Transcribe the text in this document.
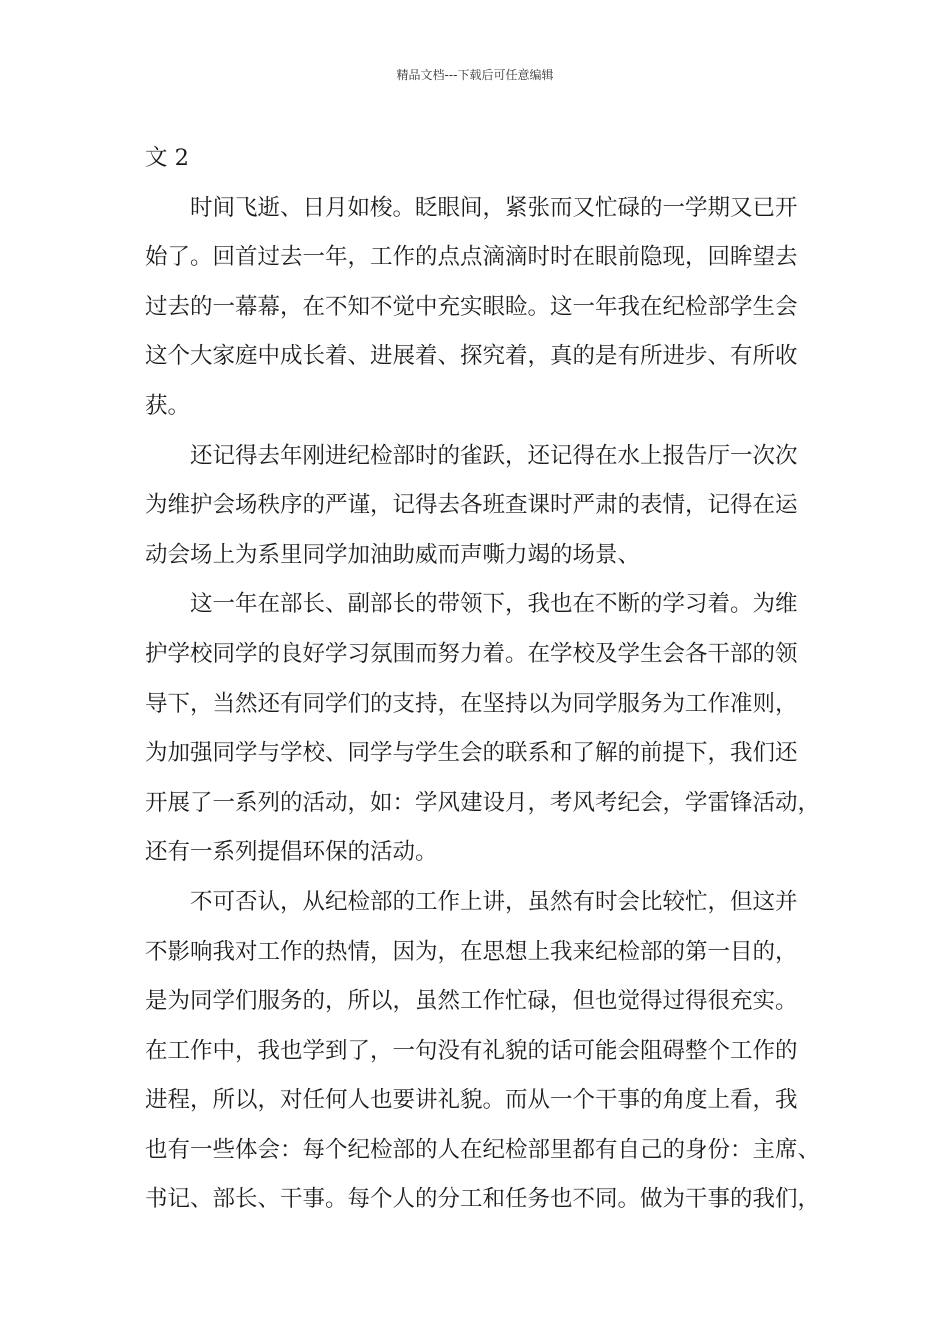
精品文档---下载后可任意编辑
文 2
时间飞逝、日月如梭。眨眼间，紧张而又忙碌的一学期又已开
始了。回首过去一年，工作的点点滴滴时时在眼前隐现，回眸望去
过去的一幕幕，在不知不觉中充实眼睑。这一年我在纪检部学生会
这个大家庭中成长着、进展着、探究着，真的是有所进步、有所收
获。
还记得去年刚进纪检部时的雀跃，还记得在水上报告厅一次次
为维护会场秩序的严谨，记得去各班查课时严肃的表情，记得在运
动会场上为系里同学加油助威而声嘶力竭的场景、
这一年在部长、副部长的带领下，我也在不断的学习着。为维
护学校同学的良好学习氛围而努力着。在学校及学生会各干部的领
导下，当然还有同学们的支持，在坚持以为同学服务为工作准则，
为加强同学与学校、同学与学生会的联系和了解的前提下，我们还
开展了一系列的活动，如：学风建设月，考风考纪会，学雷锋活动，
还有一系列提倡环保的活动。
不可否认，从纪检部的工作上讲，虽然有时会比较忙，但这并
不影响我对工作的热情，因为，在思想上我来纪检部的第一目的，
是为同学们服务的，所以，虽然工作忙碌，但也觉得过得很充实。
在工作中，我也学到了，一句没有礼貌的话可能会阻碍整个工作的
进程，所以，对任何人也要讲礼貌。而从一个干事的角度上看，我
也有一些体会：每个纪检部的人在纪检部里都有自己的身份：主席、
书记、部长、干事。每个人的分工和任务也不同。做为干事的我们，
